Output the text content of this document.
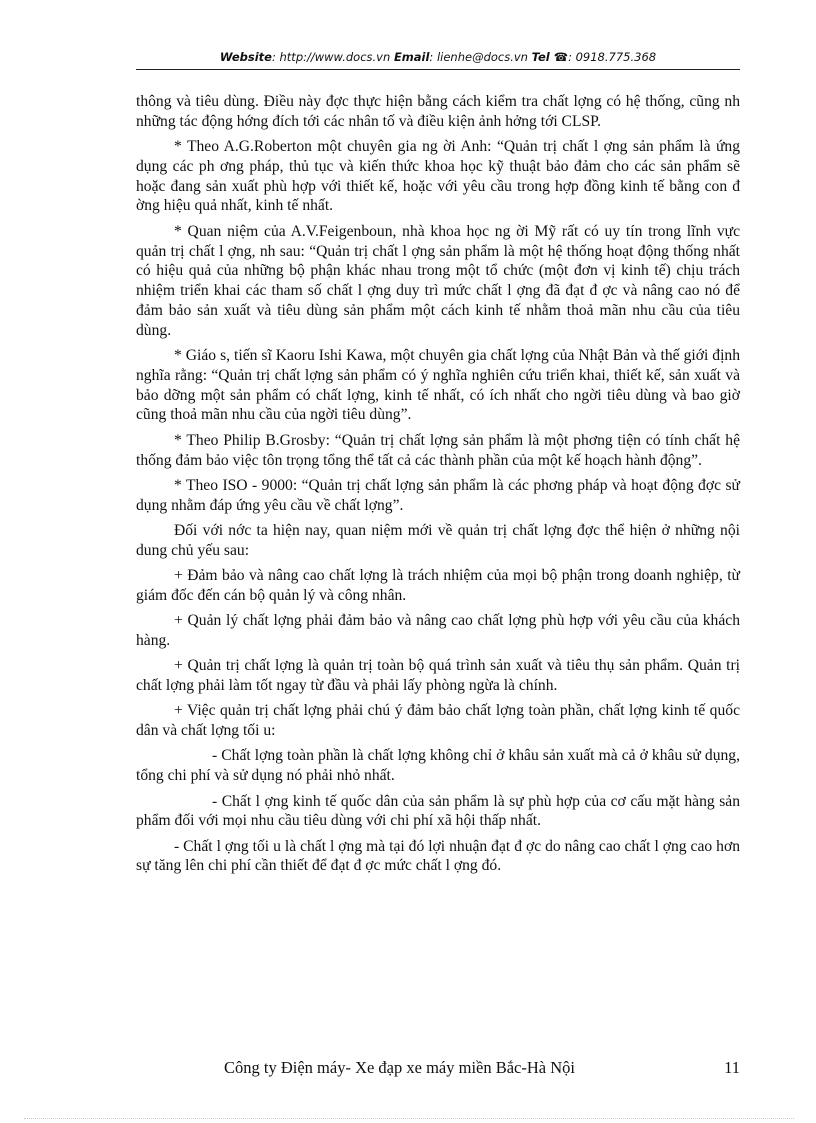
Website: http://www.docs.vn Email: lienhe@docs.vn Tel ☎: 0918.775.368

thông và tiêu dùng. Điều này đợc thực hiện bằng cách kiểm tra chất lợng có hệ thống, cũng nh những tác động hớng đích tới các nhân tố và điều kiện ảnh hởng tới CLSP.

* Theo A.G.Roberton một chuyên gia ng ời Anh: “Quản trị chất l ợng sản phẩm là ứng dụng các ph ơng pháp, thủ tục và kiến thức khoa học kỹ thuật bảo đảm cho các sản phẩm sẽ hoặc đang sản xuất phù hợp với thiết kế, hoặc với yêu cầu trong hợp đồng kinh tế bằng con đ ờng hiệu quả nhất, kinh tế nhất.

* Quan niệm của A.V.Feigenboun, nhà khoa học ng ời Mỹ rất có uy tín trong lĩnh vực quản trị chất l ợng, nh sau: “Quản trị chất l ợng sản phẩm là một hệ thống hoạt động thống nhất có hiệu quả của những bộ phận khác nhau trong một tổ chức (một đơn vị kinh tế) chịu trách nhiệm triển khai các tham số chất l ợng duy trì mức chất l ợng đã đạt đ ợc và nâng cao nó để đảm bảo sản xuất và tiêu dùng sản phẩm một cách kinh tế nhằm thoả mãn nhu cầu của tiêu dùng.

* Giáo s, tiến sĩ Kaoru Ishi Kawa, một chuyên gia chất lợng của Nhật Bản và thế giới định nghĩa rằng: “Quản trị chất lợng sản phẩm có ý nghĩa nghiên cứu triển khai, thiết kế, sản xuất và bảo dỡng một sản phẩm có chất lợng, kinh tế nhất, có ích nhất cho ngời tiêu dùng và bao giờ cũng thoả mãn nhu cầu của ngời tiêu dùng”.

* Theo Philip B.Grosby: “Quản trị chất lợng sản phẩm là một phơng tiện có tính chất hệ thống đảm bảo việc tôn trọng tổng thể tất cả các thành phần của một kế hoạch hành động”.

* Theo ISO - 9000: “Quản trị chất lợng sản phẩm là các phơng pháp và hoạt động đợc sử dụng nhằm đáp ứng yêu cầu về chất lợng”.

Đối với nớc ta hiện nay, quan niệm mới về quản trị chất lợng đợc thể hiện ở những nội dung chủ yếu sau:

+ Đảm bảo và nâng cao chất lợng là trách nhiệm của mọi bộ phận trong doanh nghiệp, từ giám đốc đến cán bộ quản lý và công nhân.

+ Quản lý chất lợng phải đảm bảo và nâng cao chất lợng phù hợp với yêu cầu của khách hàng.

+ Quản trị chất lợng là quản trị toàn bộ quá trình sản xuất và tiêu thụ sản phẩm. Quản trị chất lợng phải làm tốt ngay từ đầu và phải lấy phòng ngừa là chính.

+ Việc quản trị chất lợng phải chú ý đảm bảo chất lợng toàn phần, chất lợng kinh tế quốc dân và chất lợng tối u:

- Chất lợng toàn phần là chất lợng không chỉ ở khâu sản xuất mà cả ở khâu sử dụng, tổng chi phí và sử dụng nó phải nhỏ nhất.

- Chất l ợng kinh tế quốc dân của sản phẩm là sự phù hợp của cơ cấu mặt hàng sản phẩm đối với mọi nhu cầu tiêu dùng với chi phí xã hội thấp nhất.

- Chất l ợng tối u là chất l ợng mà tại đó lợi nhuận đạt đ ợc do nâng cao chất l ợng cao hơn sự tăng lên chi phí cần thiết để đạt đ ợc mức chất l ợng đó.

Công ty Điện máy- Xe đạp xe máy miền Bắc-Hà Nội	11
